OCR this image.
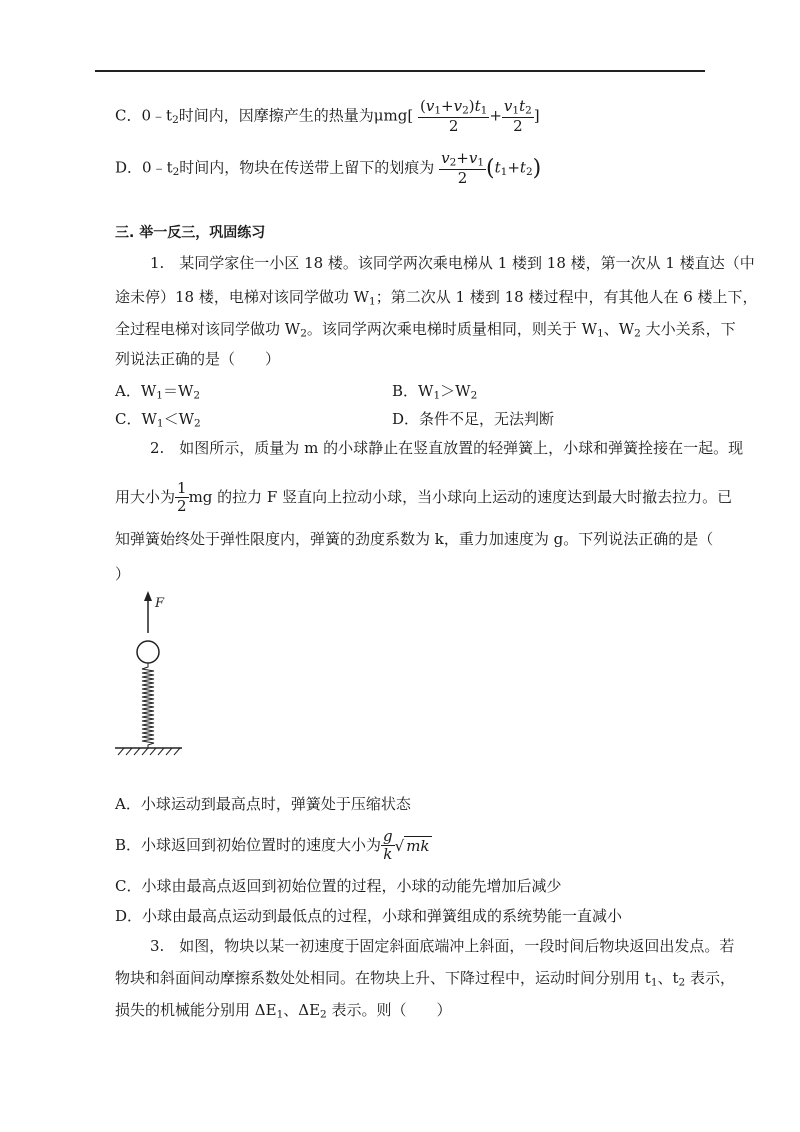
C．$0﹣t_2$时间内，因摩擦产生的热量为$\mu mg[ \frac{(v_1+v_2)t_1}{2} + \frac{v_1t_2}{2}$ ]
D．$0﹣t_2$时间内，物块在传送带上留下的划痕为 $\frac{v_2+v_1}{2} (t_1+t_2)$
三. 举一反三，巩固练习
1.　某同学家住一小区 18 楼。该同学两次乘电梯从 1 楼到 18 楼，第一次从 1 楼直达（中
途未停）18 楼，电梯对该同学做功 $W_1$；第二次从 1 楼到 18 楼过程中，有其他人在 6 楼上下，
全过程电梯对该同学做功 $W_2$。该同学两次乘电梯时质量相同，则关于 $W_1$、$W_2$ 大小关系，下
列说法正确的是（　　）
A．$W_1=W_2$	B．$W_1>W_2$
C．$W_1<W_2$	D．条件不足，无法判断
2.　如图所示，质量为 m 的小球静止在竖直放置的轻弹簧上，小球和弹簧拴接在一起。现
用大小为 $\frac{1}{2}$ mg 的拉力 F 竖直向上拉动小球，当小球向上运动的速度达到最大时撤去拉力。已
知弹簧始终处于弹性限度内，弹簧的劲度系数为 k，重力加速度为 g。下列说法正确的是（
）
F
A．小球运动到最高点时，弹簧处于压缩状态
B．小球返回到初始位置时的速度大小为 $\frac{g}{k}$ √ mk
C．小球由最高点返回到初始位置的过程，小球的动能先增加后减少
D．小球由最高点运动到最低点的过程，小球和弹簧组成的系统势能一直减小
3.　如图，物块以某一初速度于固定斜面底端冲上斜面，一段时间后物块返回出发点。若
物块和斜面间动摩擦系数处处相同。在物块上升、下降过程中，运动时间分别用 $t_1$、$t_2$ 表示，
损失的机械能分别用 $\Delta E_1$、$\Delta E_2$ 表示。则（　　）
